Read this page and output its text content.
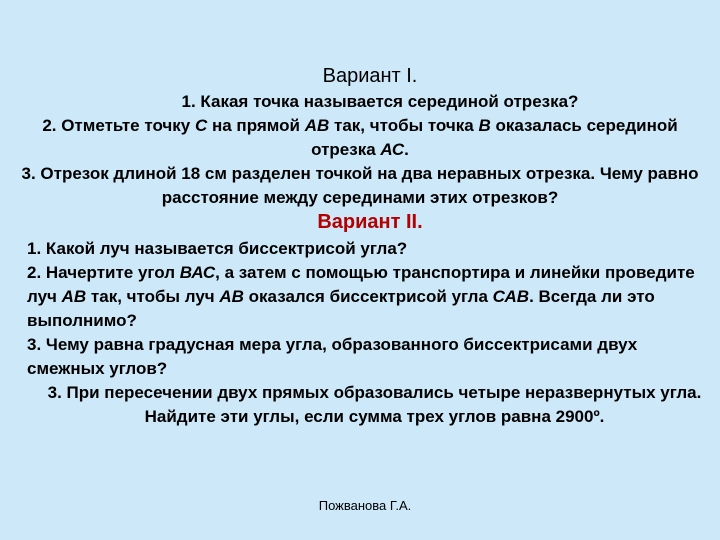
Вариант I.

1. Какая точка называется серединой отрезка?

2. Отметьте точку С на прямой АВ так, чтобы точка В оказалась серединой отрезка АС.

3. Отрезок длиной 18 см разделен точкой на два неравных отрезка. Чему равно расстояние между серединами этих отрезков?

Вариант II.

1. Какой луч называется биссектрисой угла?

2. Начертите угол ВАС, а затем с помощью транспортира и линейки проведите луч АВ так, чтобы луч АВ оказался биссектрисой угла САВ. Всегда ли это выполнимо?

3. Чему равна градусная мера угла, образованного биссектрисами двух смежных углов?

3. При пересечении двух прямых образовались четыре неразвернутых угла. Найдите эти углы, если сумма трех углов равна 2900º.

Пожванова Г.А.
